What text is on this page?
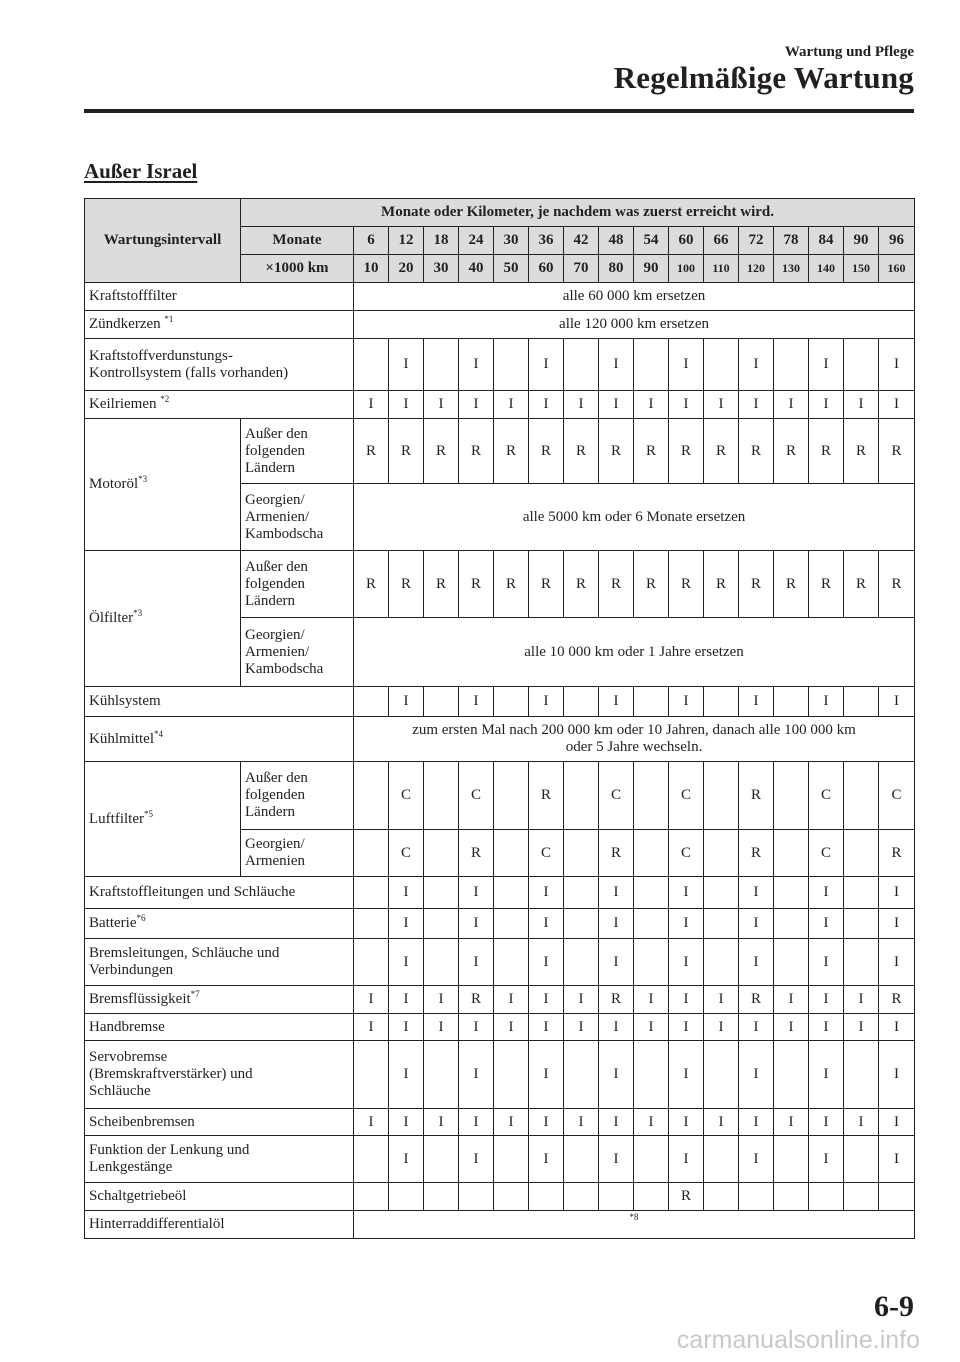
Wartung und Pflege
Regelmäßige Wartung
Außer Israel
Wartungsintervall	Monate oder Kilometer, je nachdem was zuerst erreicht wird.																
	Monate	6	12	18	24	30	36	42	48	54	60	66	72	78	84	90	96
	×1000 km	10	20	30	40	50	60	70	80	90	100	110	120	130	140	150	160
Kraftstofffilter		alle 60 000 km ersetzen															
Zündkerzen $^{*1}$		alle 120 000 km ersetzen															
Kraftstoffverdunstungs-
Kontrollsystem (falls vorhanden)			I		I		I		I		I		I		I		I
Keilriemen $^{*2}$		I	I	I	I	I	I	I	I	I	I	I	I	I	I	I	I
Motoröl$^{*3}$	Außer den
folgenden
Ländern	R	R	R	R	R	R	R	R	R	R	R	R	R	R	R	R
	Georgien/
Armenien/
Kambodscha	alle 5000 km oder 6 Monate ersetzen															
Ölfilter$^{*3}$	Außer den
folgenden
Ländern	R	R	R	R	R	R	R	R	R	R	R	R	R	R	R	R
	Georgien/
Armenien/
Kambodscha	alle 10 000 km oder 1 Jahre ersetzen															
Kühlsystem			I		I		I		I		I		I		I		I
Kühlmittel$^{*4}$		zum ersten Mal nach 200 000 km oder 10 Jahren, danach alle 100 000 km
oder 5 Jahre wechseln.															
Luftfilter$^{*5}$	Außer den
folgenden
Ländern		C		C		R		C		C		R		C		C
	Georgien/
Armenien		C		R		C		R		C		R		C		R
Kraftstoffleitungen und Schläuche			I		I		I		I		I		I		I		I
Batterie$^{*6}$			I		I		I		I		I		I		I		I
Bremsleitungen, Schläuche und
Verbindungen			I		I		I		I		I		I		I		I
Bremsflüssigkeit$^{*7}$		I	I	I	R	I	I	I	R	I	I	I	R	I	I	I	R
Handbremse		I	I	I	I	I	I	I	I	I	I	I	I	I	I	I	I
Servobremse
(Bremskraftverstärker) und
Schläuche			I		I		I		I		I		I		I		I
Scheibenbremsen		I	I	I	I	I	I	I	I	I	I	I	I	I	I	I	I
Funktion der Lenkung und
Lenkgestänge			I		I		I		I		I		I		I		I
Schaltgetriebeöl											R						
Hinterraddifferentialöl		$^{*8}$
6-9
carmanualsonline.info
